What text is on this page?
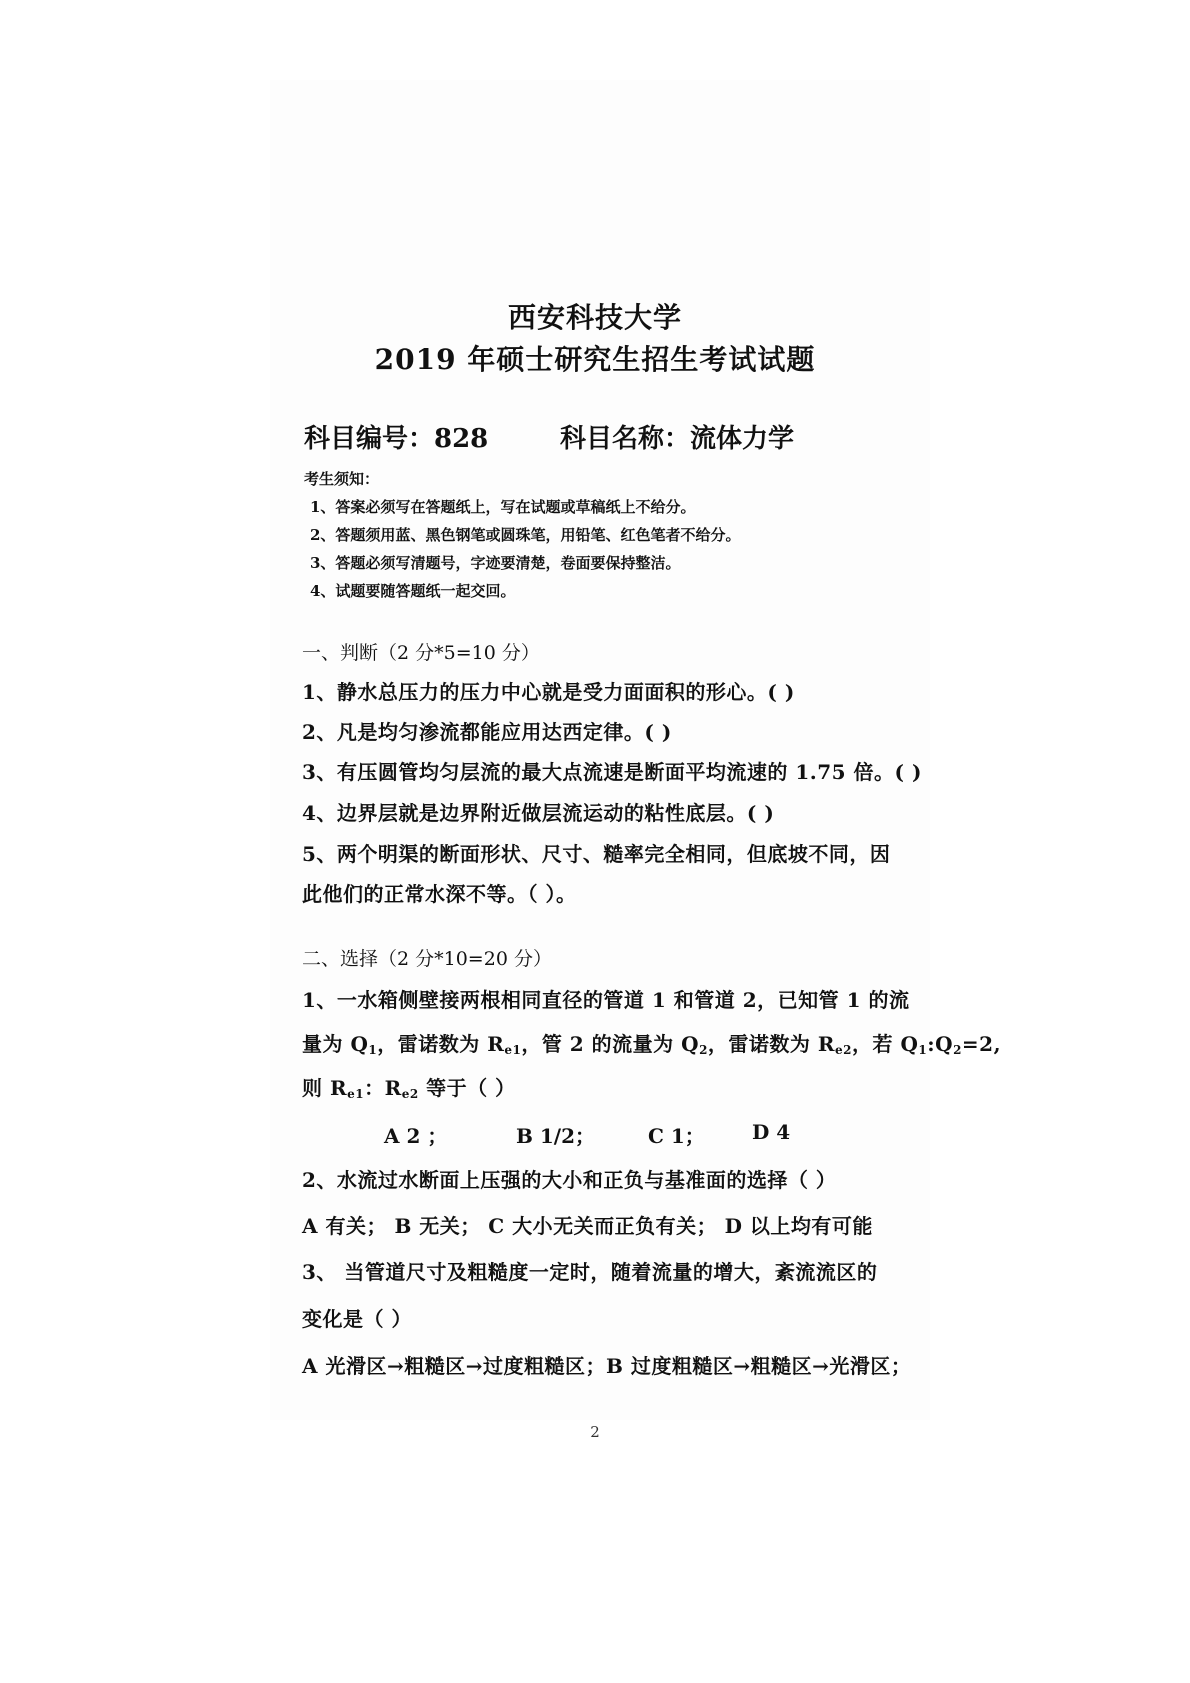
西安科技大学
2019 年硕士研究生招生考试试题
科目编号：828	科目名称：流体力学
考生须知：
1、答案必须写在答题纸上，写在试题或草稿纸上不给分。
2、答题须用蓝、黑色钢笔或圆珠笔，用铅笔、红色笔者不给分。
3、答题必须写清题号，字迹要清楚，卷面要保持整洁。
4、试题要随答题纸一起交回。
一、判断（2 分*5=10 分）
1、静水总压力的压力中心就是受力面面积的形心。( )
2、凡是均匀渗流都能应用达西定律。( )
3、有压圆管均匀层流的最大点流速是断面平均流速的 1.75 倍。( )
4、边界层就是边界附近做层流运动的粘性底层。( )
5、两个明渠的断面形状、尺寸、糙率完全相同，但底坡不同，因
此他们的正常水深不等。（ ）。
二、选择（2 分*10=20 分）
1、一水箱侧壁接两根相同直径的管道 1 和管道 2，已知管 1 的流
量为 $Q_1$，雷诺数为 $R_{e1}$，管 2 的流量为 $Q_2$，雷诺数为 $R_{e2}$，若 $Q_1:Q_2=2$,
则 $R_{e1}$：$R_{e2}$ 等于（ ）
A 2 ；	B 1/2；	C 1； D 4
2、水流过水断面上压强的大小和正负与基准面的选择（ ）
A 有关； B 无关； C 大小无关而正负有关； D 以上均有可能
3、 当管道尺寸及粗糙度一定时，随着流量的增大，紊流流区的
变化是（ ）
A 光滑区→粗糙区→过度粗糙区；B 过度粗糙区→粗糙区→光滑区；
2
